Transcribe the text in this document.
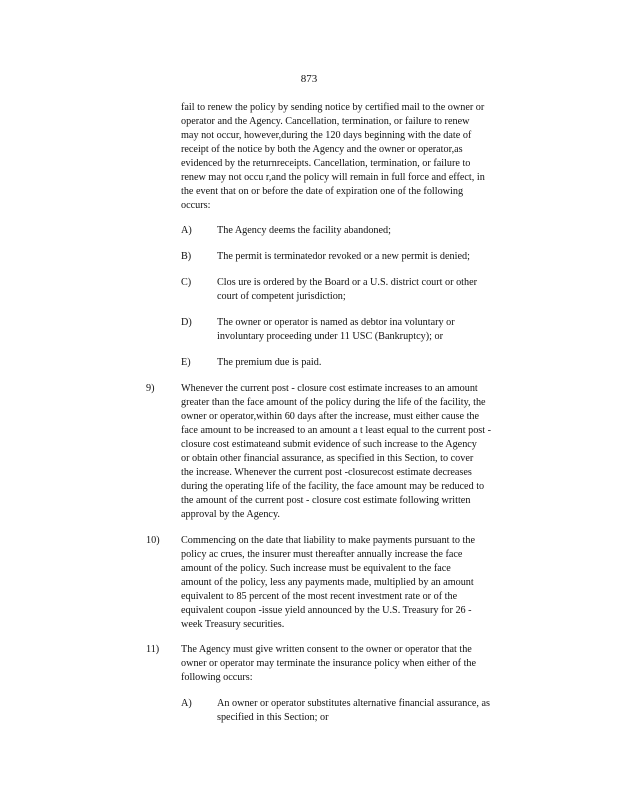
873

fail to renew the policy by sending notice by certified mail to the owner or

operator and the Agency. Cancellation, termination, or failure to renew

may not occur, however,during the 120 days beginning with the date of

receipt of the notice by both the Agency and the owner or operator,as

evidenced by the returnreceipts. Cancellation, termination, or failure to

renew may not occu r,and the policy will remain in full force and effect, in

the event that on or before the date of expiration one of the following

occurs:

A) The Agency deems the facility abandoned;

B)	The permit is terminatedor revoked or a new permit is denied;

C)	Clos ure is ordered by the Board or a U.S. district court or other

court of competent jurisdiction;

D) The owner or operator is named as debtor ina voluntary or

involuntary proceeding under 11 USC (Bankruptcy); or

E)	The premium due is paid.

9)	Whenever the current post - closure cost estimate increases to an amount

greater than the face amount of the policy during the life of the facility, the

owner or operator,within 60 days after the increase, must either cause the

face amount to be increased to an amount a t least equal to the current post -

closure cost estimateand submit evidence of such increase to the Agency

or obtain other financial assurance, as specified in this Section, to cover

the increase. Whenever the current post -closurecost estimate decreases

during the operating life of the facility, the face amount may be reduced to

the amount of the current post - closure cost estimate following written

approval by the Agency.

10) Commencing on the date that liability to make payments pursuant to the

policy ac crues, the insurer must thereafter annually increase the face

amount of the policy. Such increase must be equivalent to the face

amount of the policy, less any payments made, multiplied by an amount

equivalent to 85 percent of the most recent investment rate or of the

equivalent coupon -issue yield announced by the U.S. Treasury for 26 -

week Treasury securities.

11) The Agency must give written consent to the owner or operator that the

owner or operator may terminate the insurance policy when either of the

following occurs:

A) An owner or operator substitutes alternative financial assurance, as

specified in this Section; or
